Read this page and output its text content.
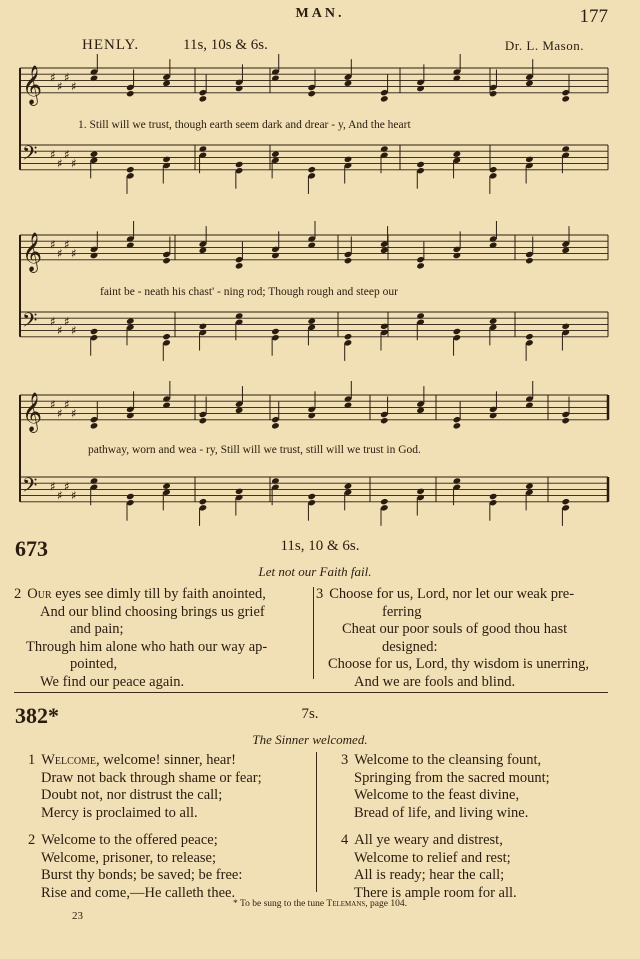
MAN.	177
HENLY.	11s, 10s & 6s.	Dr. L. Mason.
𝄞 ♯
♯
♯
♯
𝄢 ♯
♯
♯
♯
𝄞 ♯
♯
♯
♯
𝄢 ♯
♯
♯
♯
𝄞 ♯
♯
♯
♯
𝄢 ♯
♯
♯
♯
1. Still will we trust, though earth seem dark and drear - y, And the heart
faint be - neath his chast' - ning rod; Though rough and steep our
pathway, worn and wea - ry, Still will we trust, still will we trust in God.
673	11s, 10 & 6s.
Let not our Faith fail.
2 Our eyes see dimly till by faith anointed,
And our blind choosing brings us grief
and pain;
Through him alone who hath our way ap-
pointed,
We find our peace again.
3 Choose for us, Lord, nor let our weak pre-
ferring
Cheat our poor souls of good thou hast
designed:
Choose for us, Lord, thy wisdom is unerring,
And we are fools and blind.
382*	7s.
The Sinner welcomed.
1 Welcome, welcome! sinner, hear!
Draw not back through shame or fear;
Doubt not, nor distrust the call;
Mercy is proclaimed to all.
2 Welcome to the offered peace;
Welcome, prisoner, to release;
Burst thy bonds; be saved; be free:
Rise and come,—He calleth thee.
3 Welcome to the cleansing fount,
Springing from the sacred mount;
Welcome to the feast divine,
Bread of life, and living wine.
4 All ye weary and distrest,
Welcome to relief and rest;
All is ready; hear the call;
There is ample room for all.
* To be sung to the tune Telemans, page 104.
23
